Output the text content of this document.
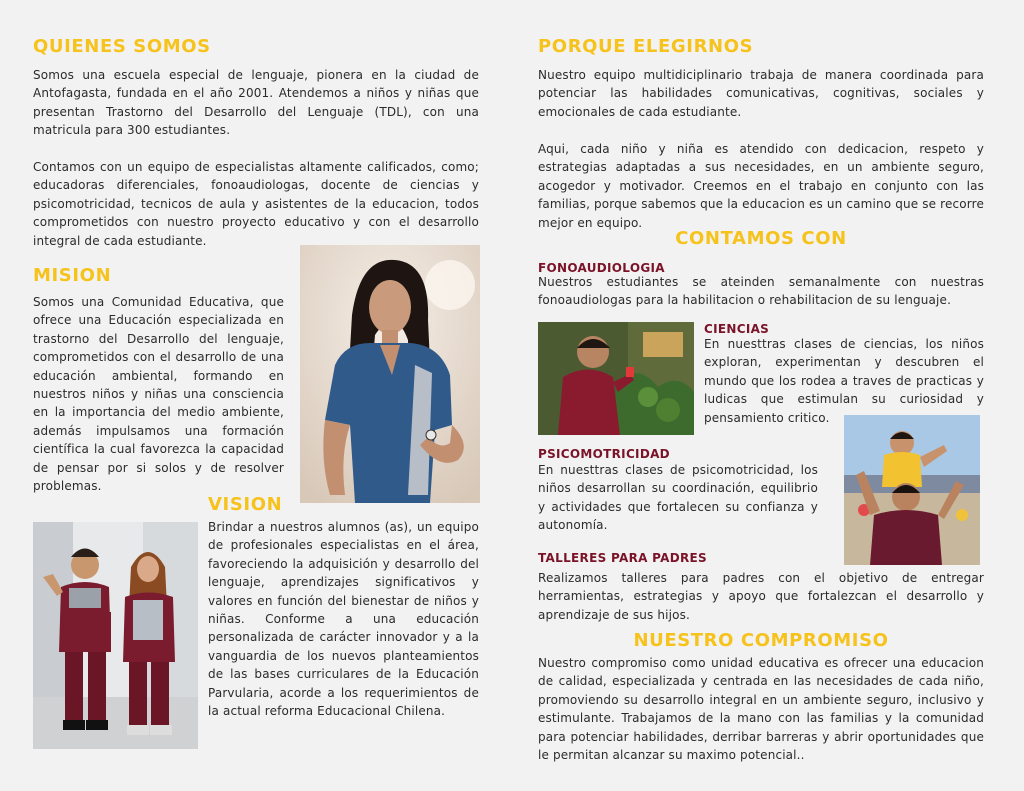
QUIENES SOMOS

Somos una escuela especial de lenguaje, pionera en la ciudad de Antofagasta, fundada en el año 2001. Atendemos a niños y niñas que presentan Trastorno del Desarrollo del Lenguaje (TDL), con una matricula para 300 estudiantes.

Contamos con un equipo de especialistas altamente calificados, como; educadoras diferenciales, fonoaudiologas, docente de ciencias y psicomotricidad, tecnicos de aula y asistentes de la educacion, todos comprometidos con nuestro proyecto educativo y con el desarrollo integral de cada estudiante.

MISION

Somos una Comunidad Educativa, que ofrece una Educación especializada en trastorno del Desarrollo del lenguaje, comprometidos con el desarrollo de una educación ambiental, formando en nuestros niños y niñas una consciencia en la importancia del medio ambiente, además impulsamos una formación científica la cual favorezca la capacidad de pensar por si solos y de resolver problemas.

VISION

Brindar a nuestros alumnos (as), un equipo de profesionales especialistas en el área, favoreciendo la adquisición y desarrollo del lenguaje, aprendizajes significativos y valores en función del bienestar de niños y niñas. Conforme a una educación personalizada de carácter innovador y a la vanguardia de los nuevos planteamientos de las bases curriculares de la Educación Parvularia, acorde a los requerimientos de la actual reforma Educacional Chilena.

PORQUE ELEGIRNOS

Nuestro equipo multidiciplinario trabaja de manera coordinada para potenciar las habilidades comunicativas, cognitivas, sociales y emocionales de cada estudiante.

Aqui, cada niño y niña es atendido con dedicacion, respeto y estrategias adaptadas a sus necesidades, en un ambiente seguro, acogedor y motivador. Creemos en el trabajo en conjunto con las familias, porque sabemos que la educacion es un camino que se recorre mejor en equipo.

CONTAMOS CON
FONOAUDIOLOGIA

Nuestros estudiantes se ateinden semanalmente con nuestras fonoaudiologas para la habilitacion o rehabilitacion de su lenguaje.

CIENCIAS

En nuesttras clases de ciencias, los niños exploran, experimentan y descubren el mundo que los rodea a traves de practicas y ludicas que estimulan su curiosidad y pensamiento critico.

PSICOMOTRICIDAD

En nuesttras clases de psicomotricidad, los niños desarrollan su coordinación, equilibrio y actividades que fortalecen su confianza y autonomía.

TALLERES PARA PADRES

Realizamos talleres para padres con el objetivo de entregar herramientas, estrategias y apoyo que fortalezcan el desarrollo y aprendizaje de sus hijos.

NUESTRO COMPROMISO

Nuestro compromiso como unidad educativa es ofrecer una educacion de calidad, especializada y centrada en las necesidades de cada niño, promoviendo su desarrollo integral en un ambiente seguro, inclusivo y estimulante. Trabajamos de la mano con las familias y la comunidad para potenciar habilidades, derribar barreras y abrir oportunidades que le permitan alcanzar su maximo potencial..
